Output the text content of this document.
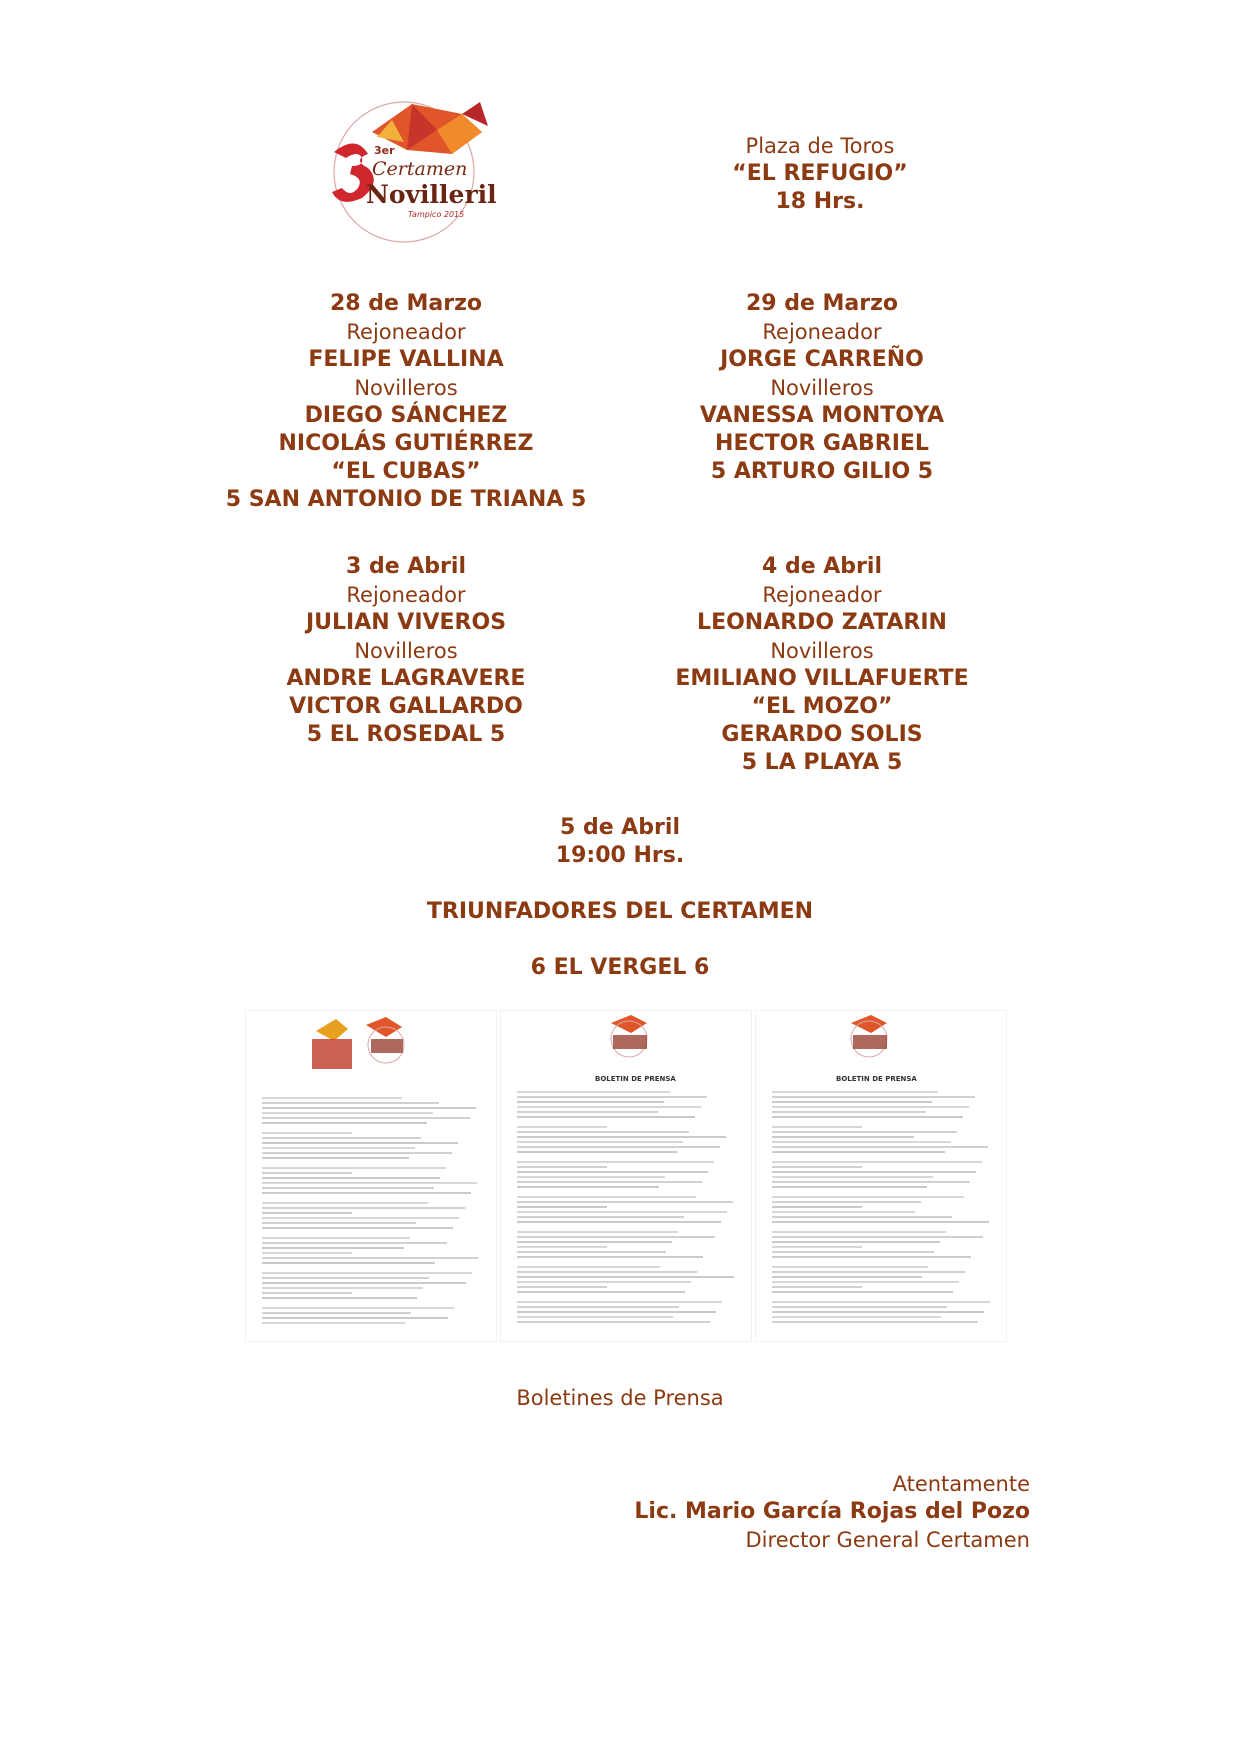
3er
Certamen
Novilleril
Tampico 2015
Plaza de Toros
“EL REFUGIO”
18 Hrs.
28 de Marzo
Rejoneador
FELIPE VALLINA
Novilleros
DIEGO SÁNCHEZ
NICOLÁS GUTIÉRREZ “EL CUBAS”
5 SAN ANTONIO DE TRIANA 5
29 de Marzo
Rejoneador
JORGE CARREÑO
Novilleros
VANESSA MONTOYA
HECTOR GABRIEL
5 ARTURO GILIO 5
3 de Abril
Rejoneador
JULIAN VIVEROS
Novilleros
ANDRE LAGRAVERE
VICTOR GALLARDO
5 EL ROSEDAL 5
4 de Abril
Rejoneador
LEONARDO ZATARIN
Novilleros
EMILIANO VILLAFUERTE “EL MOZO”
GERARDO SOLIS
5 LA PLAYA 5
5 de Abril
19:00 Hrs.
TRIUNFADORES DEL CERTAMEN
6 EL VERGEL 6
BOLETIN DE PRENSA	BOLETIN DE PRENSA
Boletines de Prensa
Atentamente
Lic. Mario García Rojas del Pozo
Director General Certamen
